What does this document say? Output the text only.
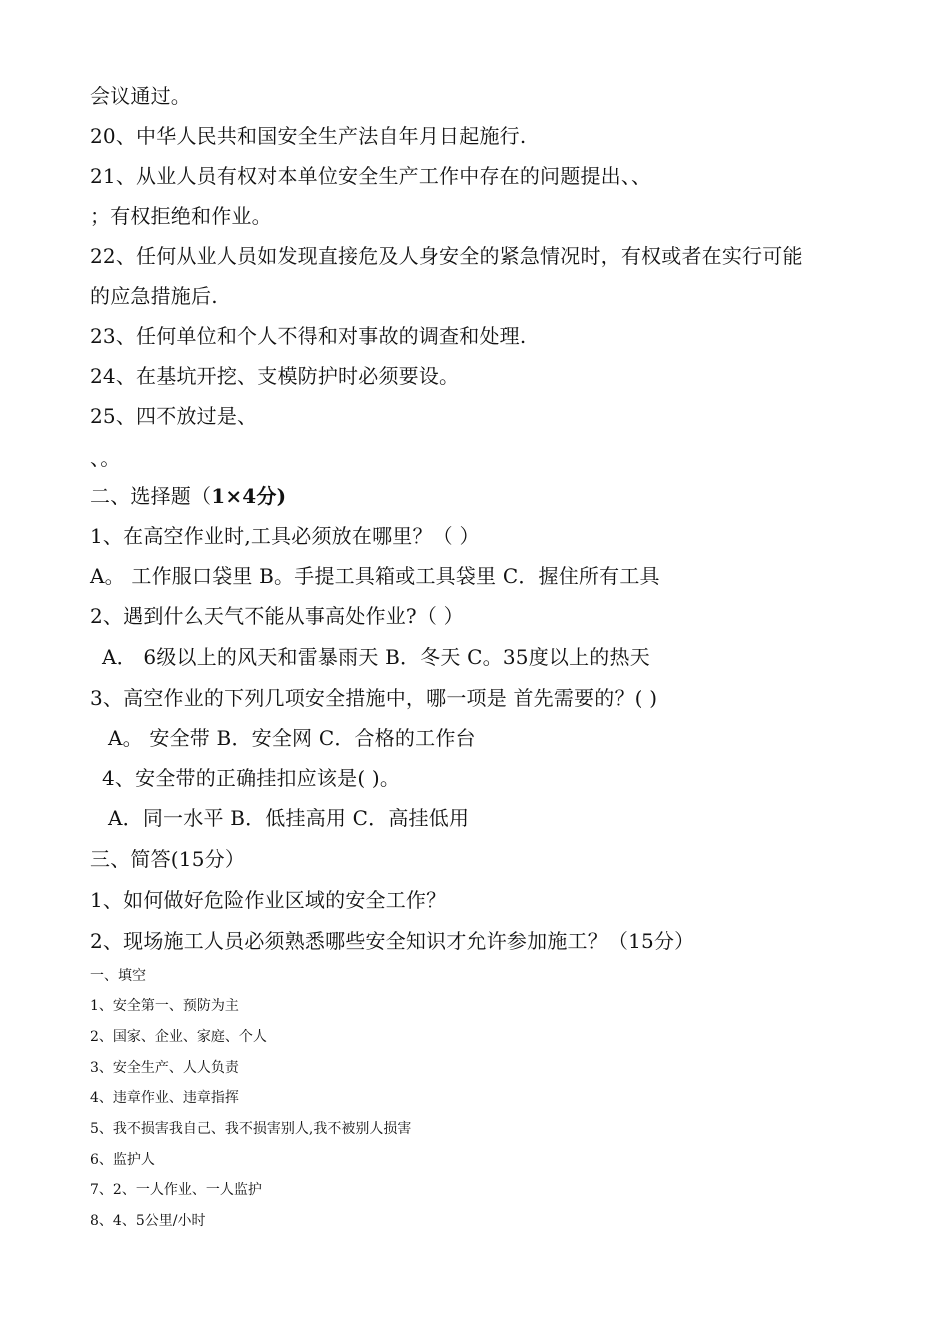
会议通过。
20、中华人民共和国安全生产法自年月日起施行.
21、从业人员有权对本单位安全生产工作中存在的问题提出、、
；有权拒绝和作业。
22、任何从业人员如发现直接危及人身安全的紧急情况时，有权或者在实行可能
的应急措施后.
23、任何单位和个人不得和对事故的调查和处理.
24、在基坑开挖、支模防护时必须要设。
25、四不放过是、
、。
二、选择题（1×4分)
1、在高空作业时,工具必须放在哪里？（ ）
A。 工作服口袋里 B。手提工具箱或工具袋里 C．握住所有工具
2、遇到什么天气不能从事高处作业?（ ）
A． 6级以上的风天和雷暴雨天 B．冬天 C。35度以上的热天
3、高空作业的下列几项安全措施中，哪一项是 首先需要的？( )
A。 安全带 B．安全网 C．合格的工作台
4、安全带的正确挂扣应该是( )。
A．同一水平 B．低挂高用 C．高挂低用
三、简答(15分）
1、如何做好危险作业区域的安全工作？
2、现场施工人员必须熟悉哪些安全知识才允许参加施工？（15分）
一、填空
1、安全第一、预防为主
2、国家、企业、家庭、个人
3、安全生产、人人负责
4、违章作业、违章指挥
5、我不损害我自己、我不损害别人,我不被别人损害
6、监护人
7、2、一人作业、一人监护
8、4、5公里/小时
